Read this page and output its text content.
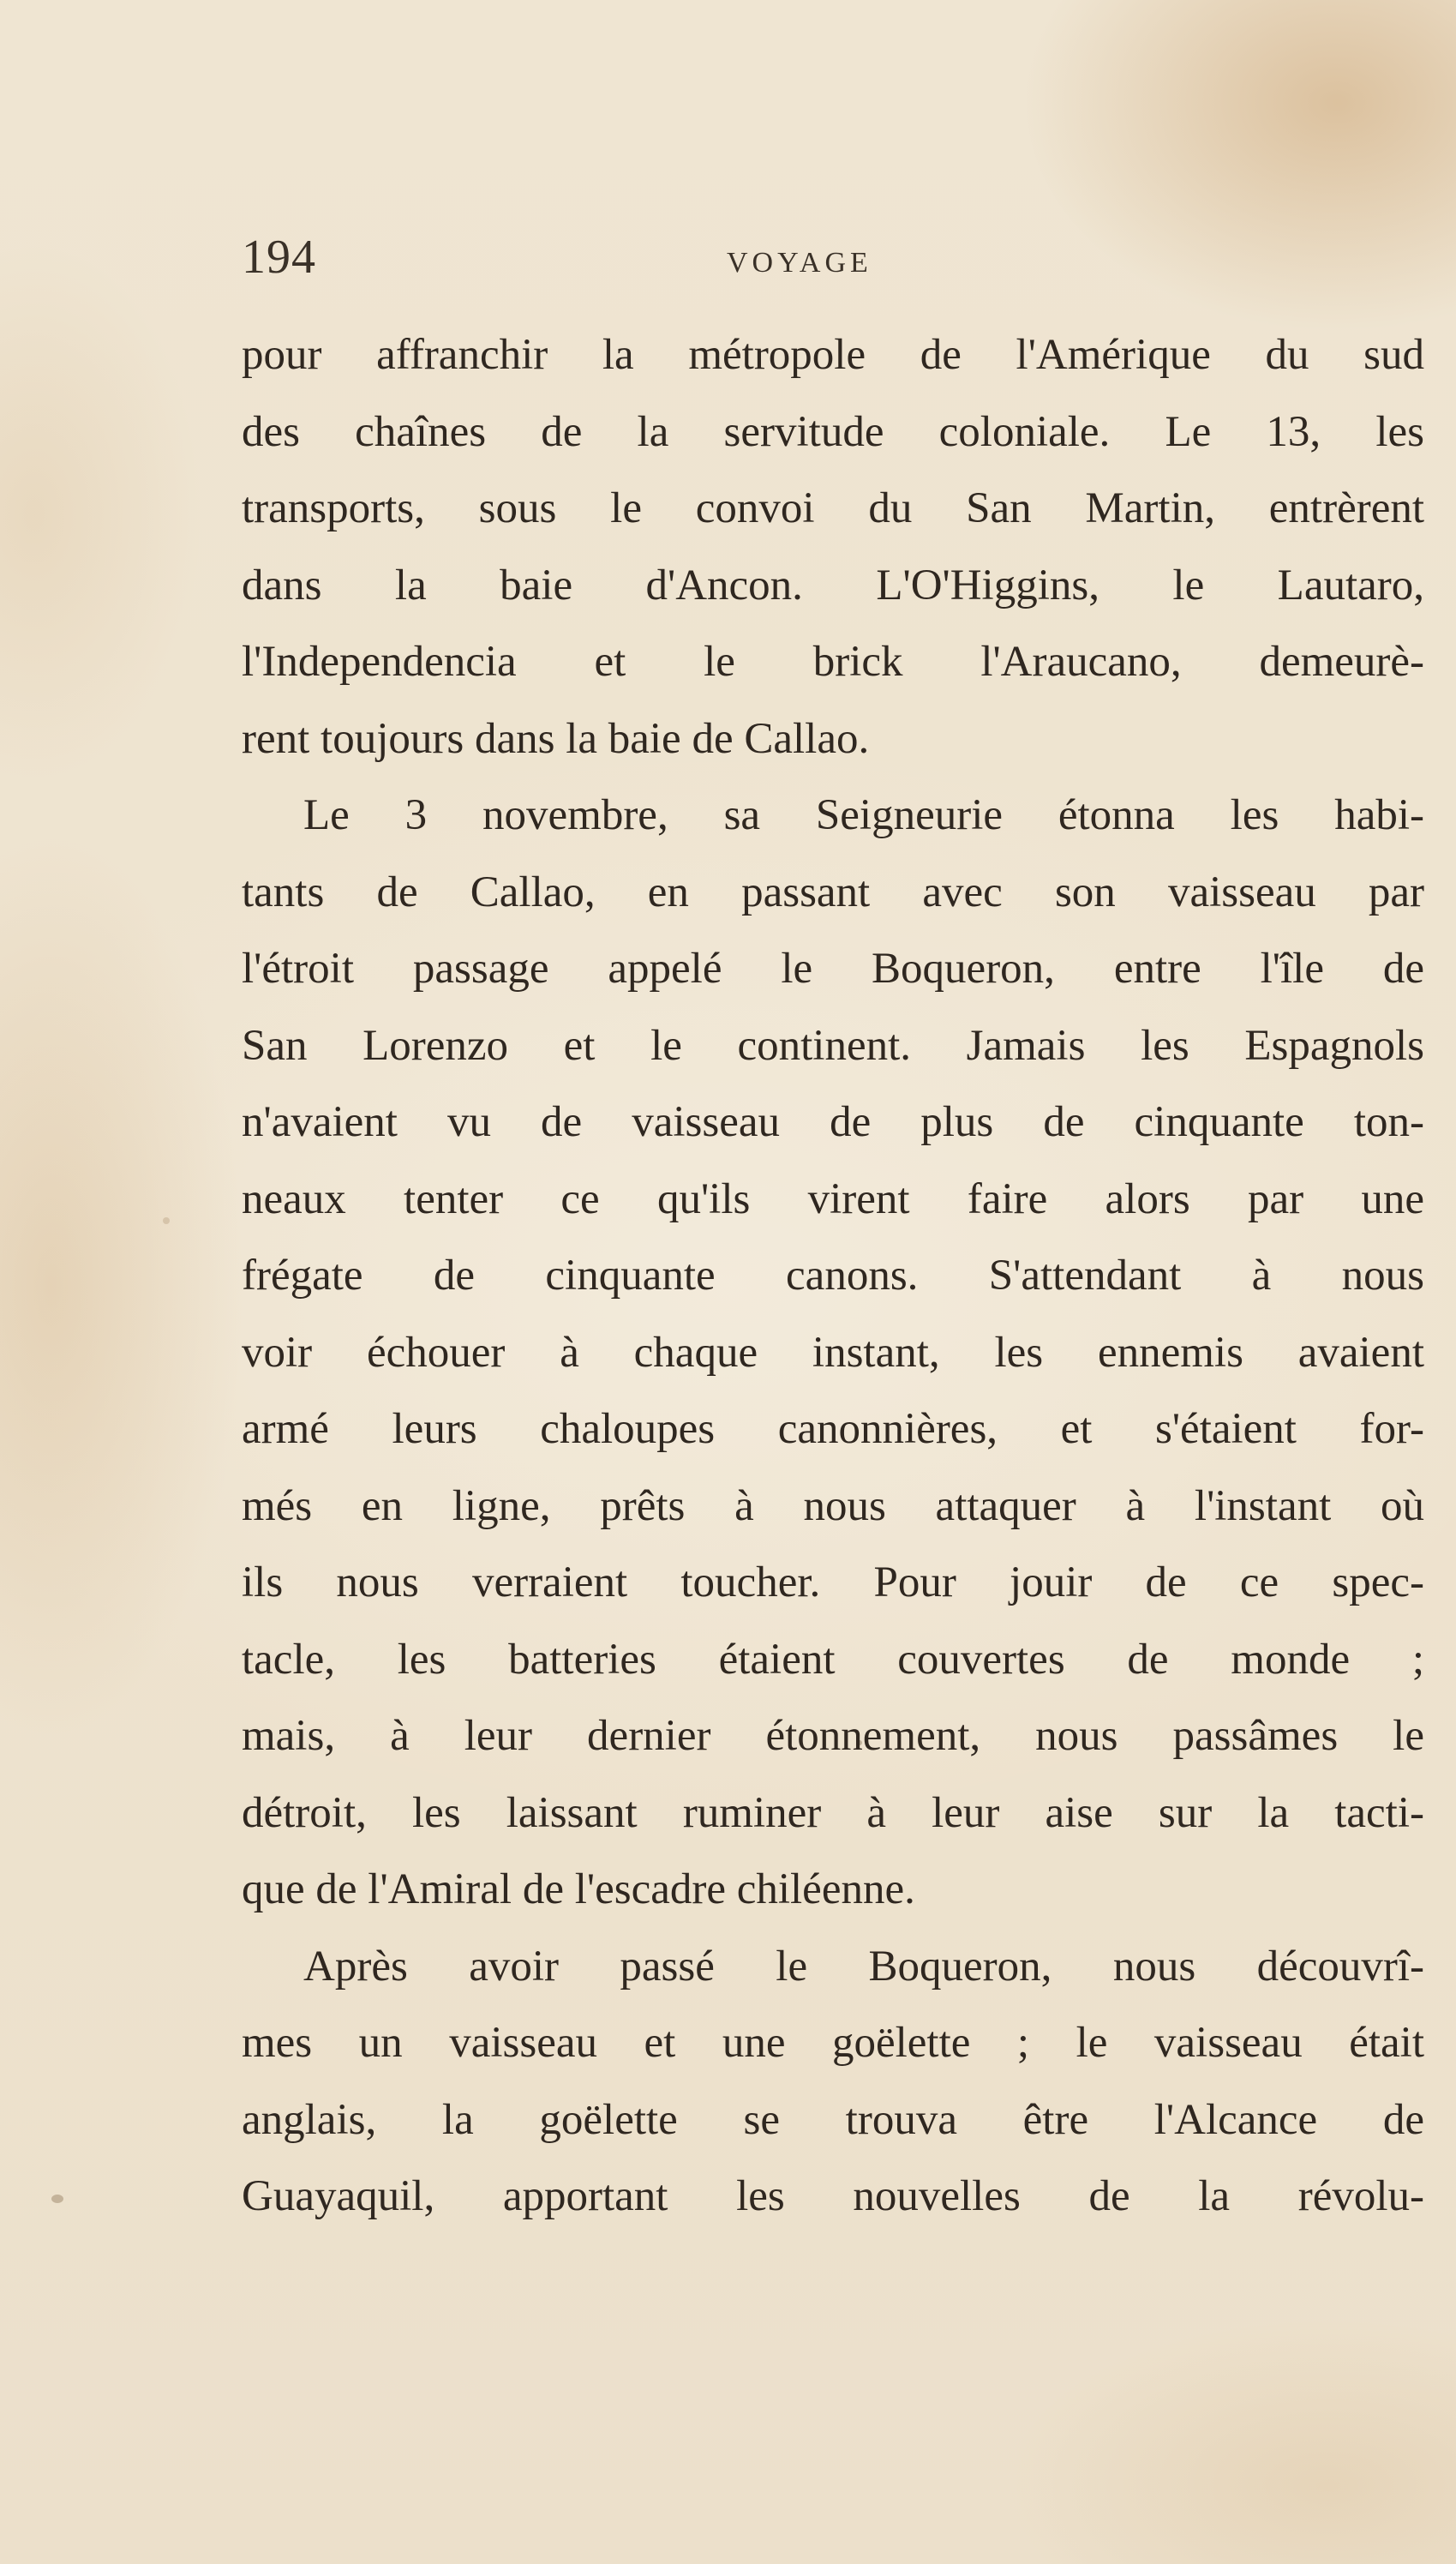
194	VOYAGE
pour affranchir la métropole de l'Amérique du sud
des chaînes de la servitude coloniale. Le 13, les
transports, sous le convoi du San Martin, entrèrent
dans la baie d'Ancon. L'O'Higgins, le Lautaro,
l'Independencia et le brick l'Araucano, demeurè-
rent toujours dans la baie de Callao.
Le 3 novembre, sa Seigneurie étonna les habi-
tants de Callao, en passant avec son vaisseau par
l'étroit passage appelé le Boqueron, entre l'île de
San Lorenzo et le continent. Jamais les Espagnols
n'avaient vu de vaisseau de plus de cinquante ton-
neaux tenter ce qu'ils virent faire alors par une
frégate de cinquante canons. S'attendant à nous
voir échouer à chaque instant, les ennemis avaient
armé leurs chaloupes canonnières, et s'étaient for-
més en ligne, prêts à nous attaquer à l'instant où
ils nous verraient toucher. Pour jouir de ce spec-
tacle, les batteries étaient couvertes de monde ;
mais, à leur dernier étonnement, nous passâmes le
détroit, les laissant ruminer à leur aise sur la tacti-
que de l'Amiral de l'escadre chiléenne.
Après avoir passé le Boqueron, nous découvrî-
mes un vaisseau et une goëlette ; le vaisseau était
anglais, la goëlette se trouva être l'Alcance de
Guayaquil, apportant les nouvelles de la révolu-
